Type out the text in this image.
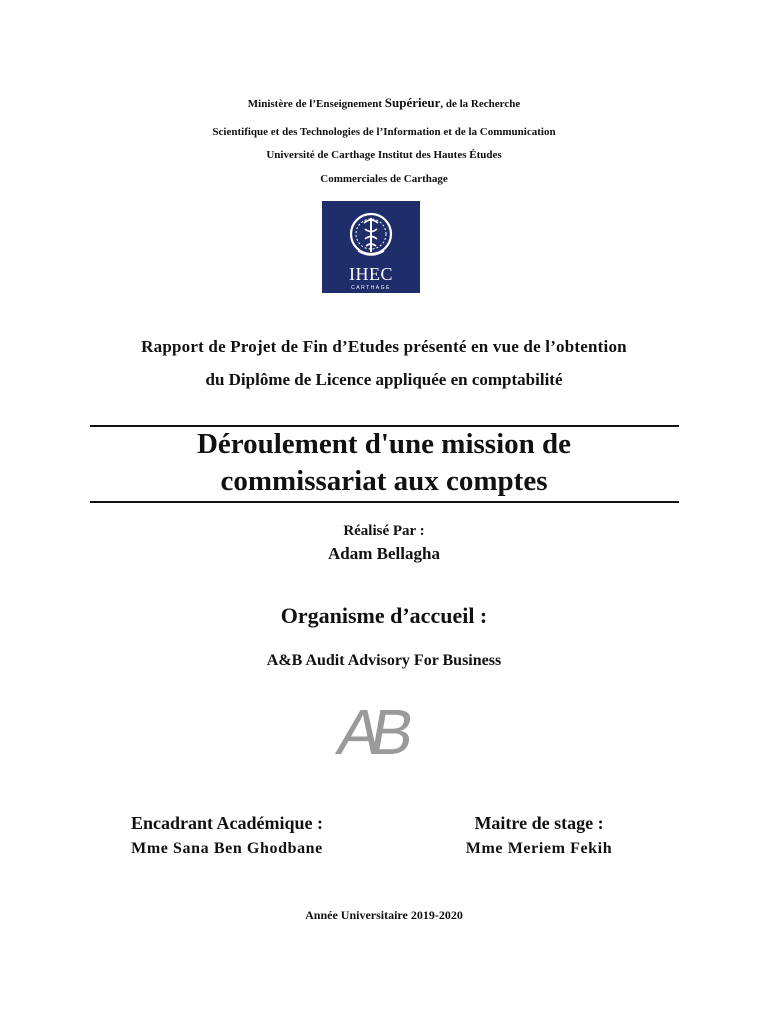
Ministère de l’Enseignement Supérieur, de la Recherche
Scientifique et des Technologies de l’Information et de la Communication
Université de Carthage Institut des Hautes Études
Commerciales de Carthage
IHEC
CARTHAGE
Rapport de Projet de Fin d’Etudes présenté en vue de l’obtention
du Diplôme de Licence appliquée en comptabilité
Déroulement d'une mission de
commissariat aux comptes
Réalisé Par :
Adam Bellagha
Organisme d’accueil :
A&B Audit Advisory For Business
AB
Encadrant Académique :
Mme Sana Ben Ghodbane
Maitre de stage :
Mme Meriem Fekih
Année Universitaire 2019-2020
